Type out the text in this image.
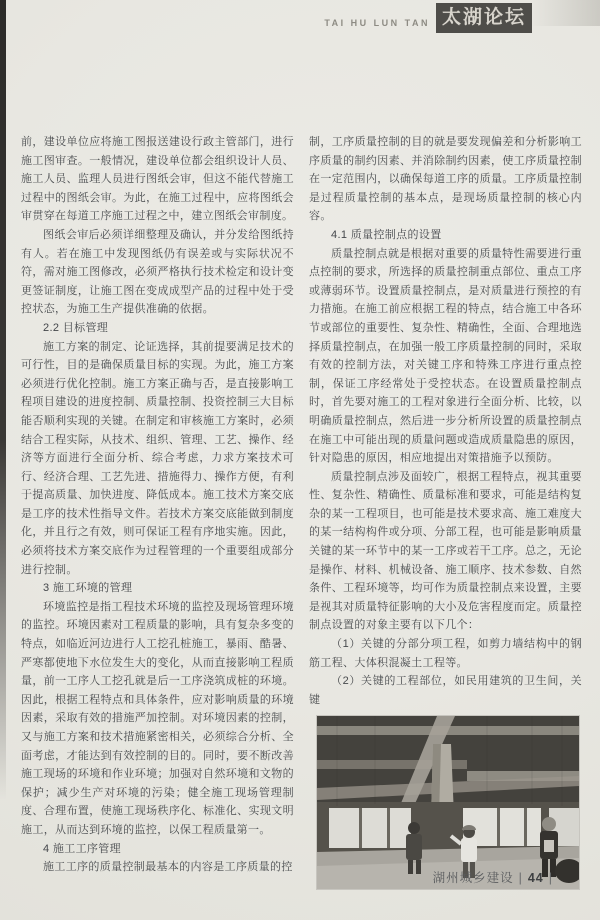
TAI HU LUN TAN 太湖论坛

前，建设单位应将施工图报送建设行政主管部门，进行施工图审查。一般情况，建设单位都会组织设计人员、施工人员、监理人员进行图纸会审，但这不能代替施工过程中的图纸会审。为此，在施工过程中，应将图纸会审贯穿在每道工序施工过程之中，建立图纸会审制度。

图纸会审后必须详细整理及确认，并分发给图纸持有人。若在施工中发现图纸仍有误差或与实际状况不符，需对施工图修改，必须严格执行技术检定和设计变更签证制度，让施工图在变成成型产品的过程中处于受控状态，为施工生产提供准确的依据。

2.2 目标管理

施工方案的制定、论证选择，其前提要满足技术的可行性，目的是确保质量目标的实现。为此，施工方案必须进行优化控制。施工方案正确与否，是直接影响工程项目建设的进度控制、质量控制、投资控制三大目标能否顺利实现的关键。在制定和审核施工方案时，必须结合工程实际，从技术、组织、管理、工艺、操作、经济等方面进行全面分析、综合考虑，力求方案技术可行、经济合理、工艺先进、措施得力、操作方便，有利于提高质量、加快进度、降低成本。施工技术方案交底是工序的技术性指导文件。若技术方案交底能做到制度化，并且行之有效，则可保证工程有序地实施。因此，必须将技术方案交底作为过程管理的一个重要组成部分进行控制。

3 施工环境的管理

环境监控是指工程技术环境的监控及现场管理环境的监控。环境因素对工程质量的影响，具有复杂多变的特点，如临近河边进行人工挖孔桩施工，暴雨、酷暑、严寒都使地下水位发生大的变化，从而直接影响工程质量，前一工序人工挖孔就是后一工序浇筑成桩的环境。因此，根据工程特点和具体条件，应对影响质量的环境因素，采取有效的措施严加控制。对环境因素的控制，又与施工方案和技术措施紧密相关，必须综合分析、全面考虑，才能达到有效控制的目的。同时，要不断改善施工现场的环境和作业环境；加强对自然环境和文物的保护；减少生产对环境的污染；健全施工现场管理制度、合理布置，使施工现场秩序化、标准化、实现文明施工，从而达到环境的监控，以保工程质量第一。

4 施工工序管理

施工工序的质量控制最基本的内容是工序质量的控

制，工序质量控制的目的就是要发现偏差和分析影响工序质量的制约因素、并消除制约因素，使工序质量控制在一定范围内，以确保每道工序的质量。工序质量控制是过程质量控制的基本点，是现场质量控制的核心内容。

4.1 质量控制点的设置

质量控制点就是根据对重要的质量特性需要进行重点控制的要求，所选择的质量控制重点部位、重点工序或薄弱环节。设置质量控制点，是对质量进行预控的有力措施。在施工前应根据工程的特点，结合施工中各环节或部位的重要性、复杂性、精确性，全面、合理地选择质量控制点，在加强一般工序质量控制的同时，采取有效的控制方法，对关键工序和特殊工序进行重点控制，保证工序经常处于受控状态。在设置质量控制点时，首先要对施工的工程对象进行全面分析、比较，以明确质量控制点，然后进一步分析所设置的质量控制点在施工中可能出现的质量问题或造成质量隐患的原因，针对隐患的原因，相应地提出对策措施予以预防。

质量控制点涉及面较广，根据工程特点，视其重要性、复杂性、精确性、质量标准和要求，可能是结构复杂的某一工程项目，也可能是技术要求高、施工难度大的某一结构构件或分项、分部工程，也可能是影响质量关键的某一环节中的某一工序或若干工序。总之，无论是操作、材料、机械设备、施工顺序、技术参数、自然条件、工程环境等，均可作为质量控制点来设置，主要是视其对质量特征影响的大小及危害程度而定。质量控制点设置的对象主要有以下几个：

（1）关键的分部分项工程，如剪力墙结构中的钢筋工程、大体积混凝土工程等。

（2）关键的工程部位，如民用建筑的卫生间，关键

湖州城乡建设 | 44 |
